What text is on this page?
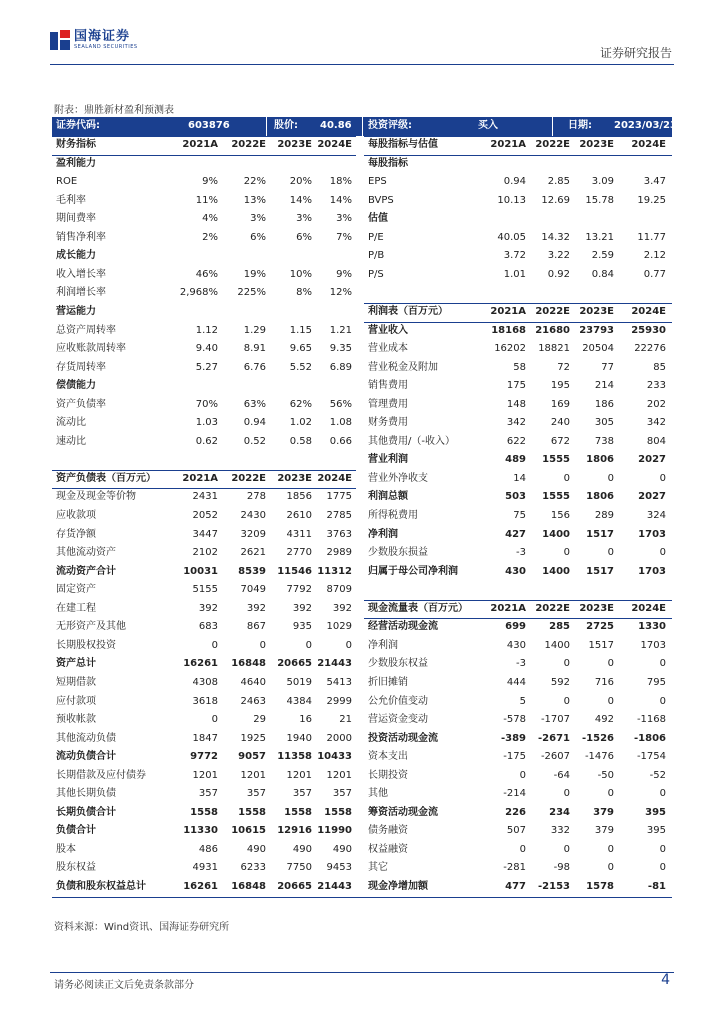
国海证券
SEALAND SECURITIES	证券研究报告
附表：鼎胜新材盈利预测表
证券代码:	603876	股价: 40.86 投资评级:	买入	日期: 2023/03/23
财务指标	2021A	2022E	2023E 2024E
盈利能力
ROE	9%	22%	20%	18%
毛利率	11%	13%	14%	14%
期间费率	4%	3%	3%	3%
销售净利率	2%	6%	6%	7%
成长能力
收入增长率	46%	19%	10%	9%
利润增长率	2,968%	225%	8%	12%
营运能力
总资产周转率	1.12	1.29	1.15	1.21
应收账款周转率	9.40	8.91	9.65	9.35
存货周转率	5.27	6.76	5.52	6.89
偿债能力
资产负债率	70%	63%	62%	56%
流动比	1.03	0.94	1.02	1.08
速动比	0.62	0.52	0.58	0.66
资产负债表（百万元）	2021A	2022E	2023E 2024E
现金及现金等价物	2431	278	1856	1775
应收款项	2052	2430	2610	2785
存货净额	3447	3209	4311	3763
其他流动资产	2102	2621	2770	2989
流动资产合计	10031	8539	11546 11312
固定资产	5155	7049	7792	8709
在建工程	392	392	392	392
无形资产及其他	683	867	935	1029
长期股权投资	0	0	0	0
资产总计	16261	16848	20665 21443
短期借款	4308	4640	5019	5413
应付款项	3618	2463	4384	2999
预收帐款	0	29	16	21
其他流动负债	1847	1925	1940	2000
流动负债合计	9772	9057	11358 10433
长期借款及应付债券	1201	1201	1201	1201
其他长期负债	357	357	357	357
长期负债合计	1558	1558	1558	1558
负债合计	11330	10615	12916 11990
股本	486	490	490	490
股东权益	4931	6233	7750	9453
负债和股东权益总计	16261	16848	20665 21443
每股指标与估值	2021A 2022E 2023E	2024E
每股指标
EPS	0.94	2.85	3.09	3.47
BVPS	10.13	12.69	15.78	19.25
估值
P/E	40.05	14.32	13.21	11.77
P/B	3.72	3.22	2.59	2.12
P/S	1.01	0.92	0.84	0.77
利润表（百万元）	2021A 2022E 2023E	2024E
营业收入	18168 21680 23793	25930
营业成本	16202	18821	20504	22276
营业税金及附加	58	72	77	85
销售费用	175	195	214	233
管理费用	148	169	186	202
财务费用	342	240	305	342
其他费用/（-收入）	622	672	738	804
营业利润	489	1555	1806	2027
营业外净收支	14	0	0	0
利润总额	503	1555	1806	2027
所得税费用	75	156	289	324
净利润	427	1400	1517	1703
少数股东损益	-3	0	0	0
归属于母公司净利润	430	1400	1517	1703
现金流量表（百万元）	2021A 2022E 2023E	2024E
经营活动现金流	699	285	2725	1330
净利润	430	1400	1517	1703
少数股东权益	-3	0	0	0
折旧摊销	444	592	716	795
公允价值变动	5	0	0	0
营运资金变动	-578	-1707	492	-1168
投资活动现金流	-389	-2671	-1526	-1806
资本支出	-175	-2607	-1476	-1754
长期投资	0	-64	-50	-52
其他	-214	0	0	0
筹资活动现金流	226	234	379	395
债务融资	507	332	379	395
权益融资	0	0	0	0
其它	-281	-98	0	0
现金净增加额	477	-2153	1578	-81
资料来源：Wind资讯、国海证券研究所
请务必阅读正文后免责条款部分	4
